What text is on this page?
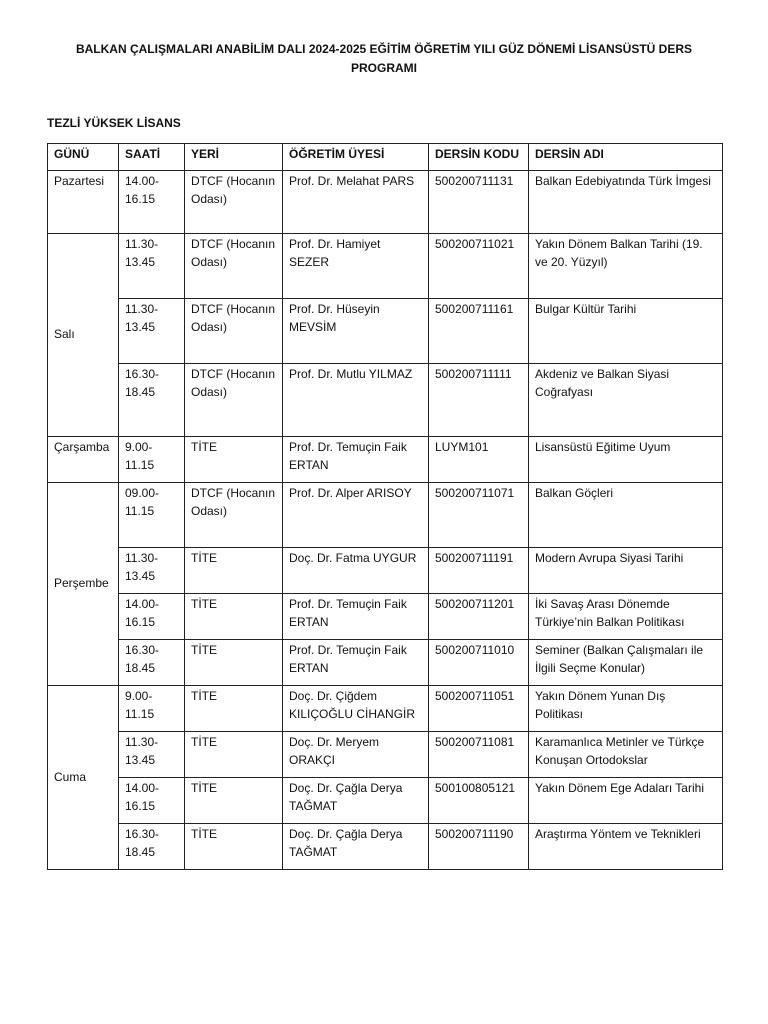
BALKAN ÇALIŞMALARI ANABİLİM DALI 2024-2025 EĞİTİM ÖĞRETİM YILI GÜZ DÖNEMİ LİSANSÜSTÜ DERS PROGRAMI
TEZLİ YÜKSEK LİSANS
GÜNÜ	SAATİ	YERİ	ÖĞRETİM ÜYESİ	DERSİN KODU	DERSİN ADI
Pazartesi	14.00-16.15	DTCF (Hocanın Odası)	Prof. Dr. Melahat PARS	500200711131	Balkan Edebiyatında Türk İmgesi
Salı	11.30-13.45	DTCF (Hocanın Odası)	Prof. Dr. Hamiyet SEZER	500200711021	Yakın Dönem Balkan Tarihi (19. ve 20. Yüzyıl)
	11.30-13.45	DTCF (Hocanın Odası)	Prof. Dr. Hüseyin MEVSİM	500200711161	Bulgar Kültür Tarihi
	16.30-18.45	DTCF (Hocanın Odası)	Prof. Dr. Mutlu YILMAZ	500200711111	Akdeniz ve Balkan Siyasi Coğrafyası
Çarşamba	9.00-11.15	TİTE	Prof. Dr. Temuçin Faik ERTAN	LUYM101	Lisansüstü Eğitime Uyum
Perşembe	09.00-11.15	DTCF (Hocanın Odası)	Prof. Dr. Alper ARISOY	500200711071	Balkan Göçleri
	11.30-13.45	TİTE	Doç. Dr. Fatma UYGUR	500200711191	Modern Avrupa Siyasi Tarihi
	14.00-16.15	TİTE	Prof. Dr. Temuçin Faik ERTAN	500200711201	İki Savaş Arası Dönemde Türkiye’nin Balkan Politikası
	16.30-18.45	TİTE	Prof. Dr. Temuçin Faik ERTAN	500200711010	Seminer (Balkan Çalışmaları ile İlgili Seçme Konular)
Cuma	9.00-11.15	TİTE	Doç. Dr. Çiğdem KILIÇOĞLU CİHANGİR	500200711051	Yakın Dönem Yunan Dış Politikası
	11.30-13.45	TİTE	Doç. Dr. Meryem ORAKÇI	500200711081	Karamanlıca Metinler ve Türkçe Konuşan Ortodokslar
	14.00-16.15	TİTE	Doç. Dr. Çağla Derya TAĞMAT	500100805121	Yakın Dönem Ege Adaları Tarihi
	16.30-18.45	TİTE	Doç. Dr. Çağla Derya TAĞMAT	500200711190	Araştırma Yöntem ve Teknikleri
